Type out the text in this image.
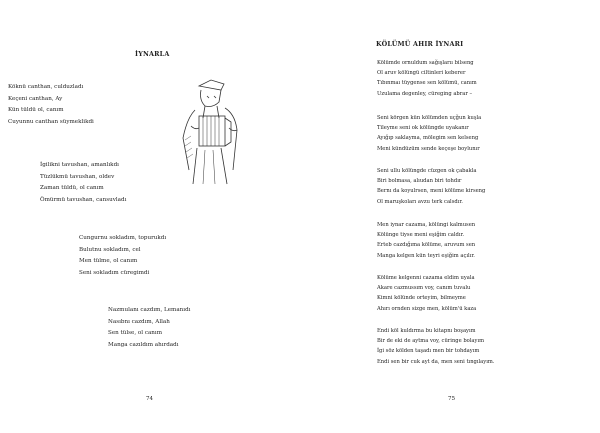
İYNARLA
Köknü canthan, culduzladı
Keçeni canthan, Ay
Kün tüldü ol, canım
Cuyunnu canthan süymeklikdi
İgilikni tavushan, amanlıkdı
Tüzlükmü tavushan, oldev
Zaman tüldü, ol canım
Ömürmü tavushan, cansuvladı
Cungurnu sokladım, topurukdı
Bulutnu sokladım, cel
Men tülme, ol canım
Seni sokladım cüregimdi
Nazmulanı cazdım, Lemanıdı
Nasıbnı cazdım, Allah
Sen tülse, ol canım
Manga cazıldım ahırdadı
74
KÖLÜMÜ AHIR İYNARI
Kölümde ornuldum sağışlarıı bilseng
Ol aruv kölüngü ciltinleri keberer
Tıbınmaı tüygense sen kölümü, canım
Uzulama degenley, cüreging abrar –
Seni körgen kün kölümden uçğun kuşla
Tileyme seni ok kölüngde uyakanır
Ayığıp saklayma, mölegim sen kelseng
Meni kündüzüm sende keçeşe boylunır
Seni ullu kölüngde cüzgen ok çabakla
Biri bolmasa, alıudan biri tohdır
Bernı da koyulrsen, meni kölüme kirseng
Ol maruşkoları avzu terk calsdır.
Men iynar cazama, kölüngi kalmusen
Kölünge tiyse meni eşiğim caldır.
Erteb cazdığıma kölüme, aruvum sen
Manga kelgen kün teyri eşiğim açılır.
Kölüme kelgenni cazama eldim uyala
Akare cazmussım voy, canım tuvalu
Kimni kölünde orteyim, bilmeyme
Ahırı ornden sizge men, kölüm'ü kaza
Endi köl kuldırma bu kitapnı boşayım
Bir de eki de aytma voy, cüringe bolayım
İgi söz kölden taşadı men bir tohdayım
Endi sen bir cuk ayt da, men seni tıngılayım.
75
